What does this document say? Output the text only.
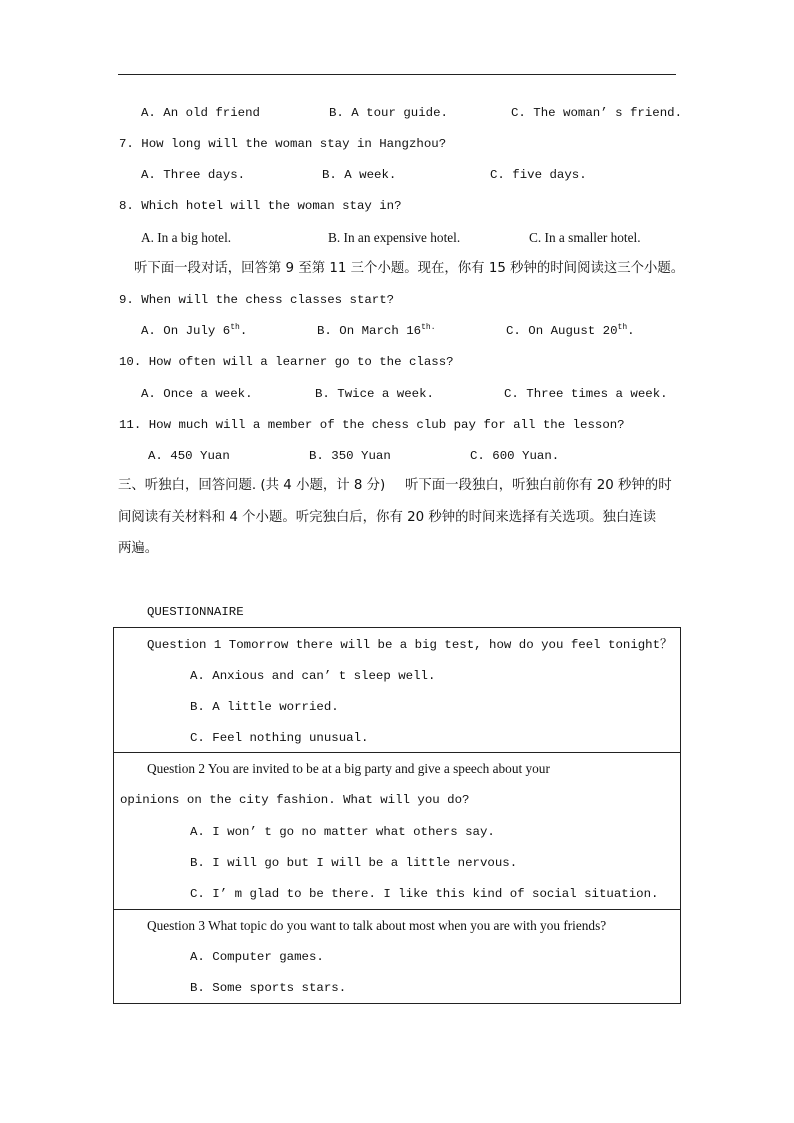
A. An old friend	B. A tour guide.	C. The woman’ s friend.
7. How long will the woman stay in Hangzhou?
A. Three days.	B. A week.	C. five days.
8. Which hotel will the woman stay in?
A. In a big hotel.	B. In an expensive hotel.	C. In a smaller hotel.
听下面一段对话，回答第 9 至第 11 三个小题。现在，你有 15 秒钟的时间阅读这三个小题。
9. When will the chess classes start?
A. On July 6th.	B. On March $16^{th.}$	C. On August 20th.
10. How often will a learner go to the class?
A. Once a week.	B. Twice a week.	C. Three times a week.
11. How much will a member of the chess club pay for all the lesson?
A. 450 Yuan	B. 350 Yuan	C. 600 Yuan.
三、听独白，回答问题. (共 4 小题，计 8 分) 听下面一段独白，听独白前你有 20 秒钟的时
间阅读有关材料和 4 个小题。听完独白后，你有 20 秒钟的时间来选择有关选项。独白连读
两遍。
QUESTIONNAIRE
Question 1 Tomorrow there will be a big test, how do you feel tonight？
A. Anxious and can’ t sleep well.
B. A little worried.
C. Feel nothing unusual.
Question 2 You are invited to be at a big party and give a speech about your
opinions on the city fashion. What will you do?
A. I won’ t go no matter what others say.
B. I will go but I will be a little nervous.
C. I’ m glad to be there. I like this kind of social situation.
Question 3 What topic do you want to talk about most when you are with you friends?
A. Computer games.
B. Some sports stars.
